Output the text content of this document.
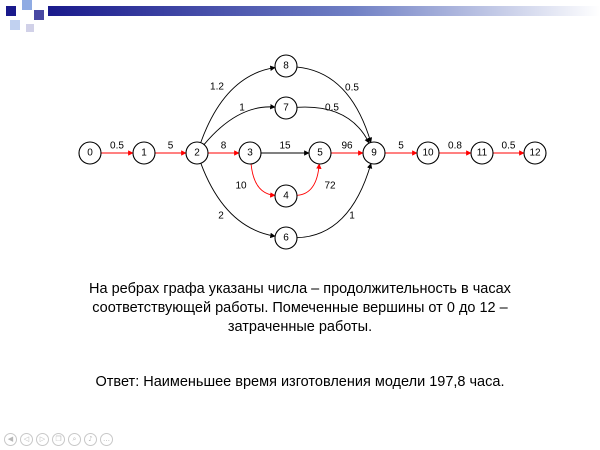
0.5	5	8
1.2
1
2
15
10	72
96
0.5
0.5
1
5	0.8	0.5
0	1	2	3
4
5
6
7
8
9	10	11	12
На ребрах графа указаны числа – продолжительность в часах
соответствующей работы. Помеченные вершины от 0 до 12 –
затраченные работы.
Ответ: Наименьшее время изготовления модели 197,8 часа.
◀	◁	▷	❐	⌕	♪	…
